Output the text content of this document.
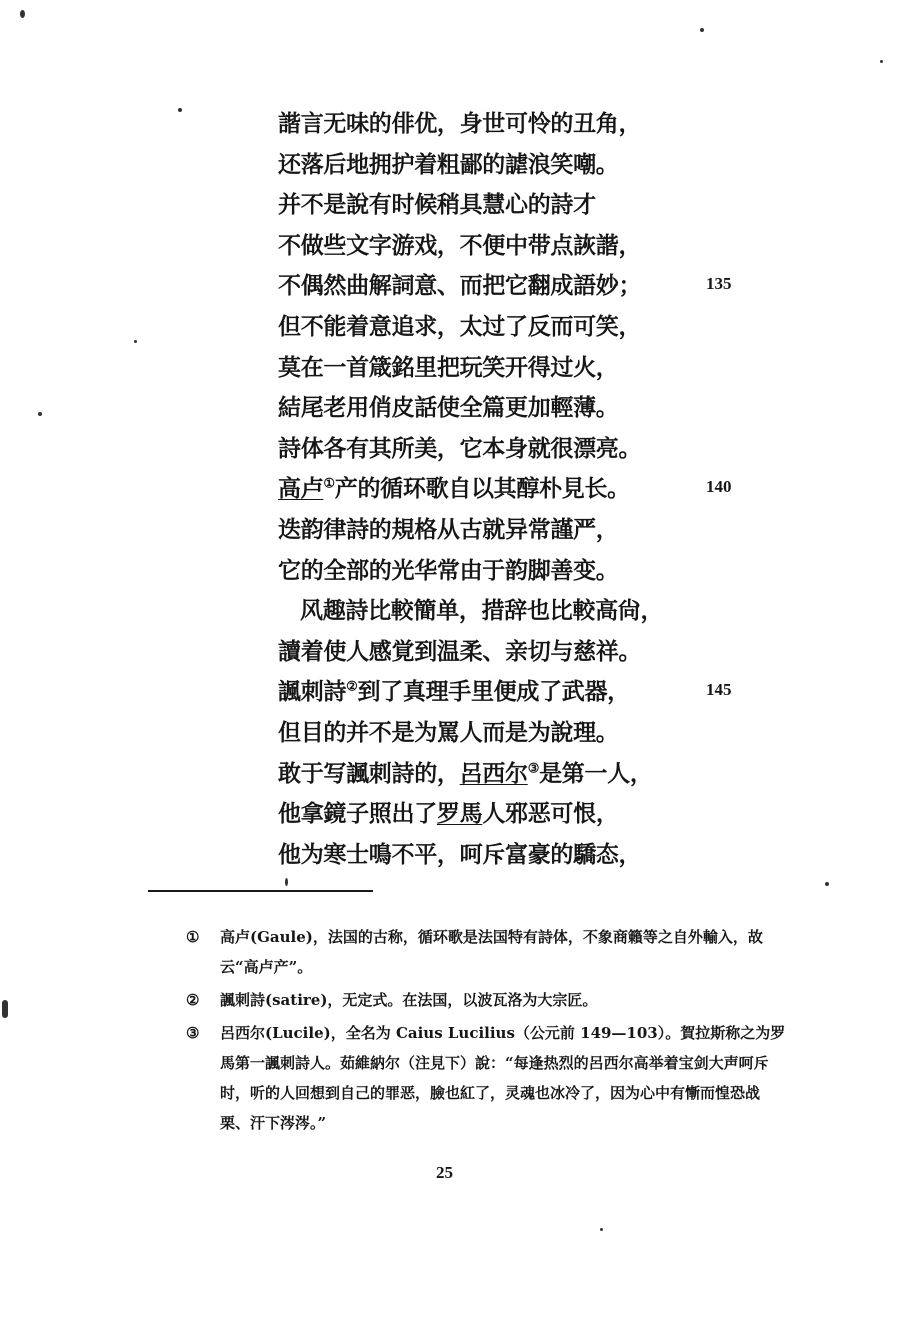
諧言无味的俳优，身世可怜的丑角，
还落后地拥护着粗鄙的謔浪笑嘲。
并不是說有时候稍具慧心的詩才
不做些文字游戏，不便中带点詼諧，
不偶然曲解詞意、而把它翻成語妙；
但不能着意追求，太过了反而可笑，
莫在一首箴銘里把玩笑开得过火，
結尾老用俏皮話使全篇更加輕薄。
詩体各有其所美，它本身就很漂亮。
高卢①产的循环歌自以其醇朴見长。
迭韵律詩的規格从古就异常謹严，
它的全部的光华常由于韵脚善变。
风趣詩比較簡单，措辞也比較高尙，
讀着使人感覚到温柔、亲切与慈祥。
諷刺詩②到了真理手里便成了武器，
但目的并不是为罵人而是为說理。
敢于写諷刺詩的，呂西尔③是第一人，
他拿鏡子照出了罗馬人邪恶可恨，
他为寒士鳴不平，呵斥富豪的驕态，
① 高卢(Gaule)，法国的古称，循环歌是法国特有詩体，不象商籟等之自外輸入，故云“高卢产”。
② 諷刺詩(satire)，无定式。在法国，以波瓦洛为大宗匠。
③ 呂西尔(Lucile)，全名为 Caius Lucilius（公元前 149—103）。賀拉斯称之为罗馬第一諷刺詩人。茹維納尔（注見下）說：“每逢热烈的呂西尔高举着宝剑大声呵斥时，听的人回想到自己的罪恶，臉也紅了，灵魂也冰冷了，因为心中有慚而惶恐战栗、汗下涔涔。”
25
135
140
145
